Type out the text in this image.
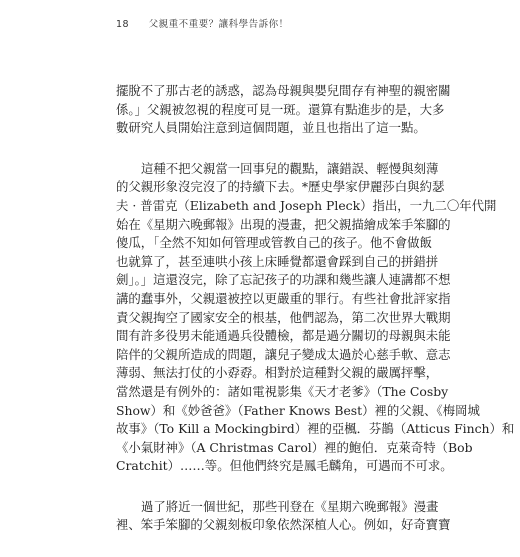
18 父親重不重要？讓科學告訴你！
擺脫不了那古老的誘惑，認為母親與嬰兒間存有神聖的親密關
係。」父親被忽視的程度可見一斑。還算有點進步的是，大多
數研究人員開始注意到這個問題，並且也指出了這一點。
這種不把父親當一回事兒的觀點，讓錯誤、輕慢與刻薄
的父親形象沒完沒了的持續下去。*歷史學家伊麗莎白與約瑟
夫 · 普雷克（Elizabeth and Joseph Pleck）指出，一九二〇年代開
始在《星期六晚郵報》出現的漫畫，把父親描繪成笨手笨腳的
傻瓜，「全然不知如何管理或管教自己的孩子。他不會做飯
也就算了，甚至連哄小孩上床睡覺都還會踩到自己的拼錯拼
劍」。」這還沒完，除了忘記孩子的功課和幾些讓人連講都不想
講的蠢事外，父親還被控以更嚴重的罪行。有些社會批評家指
責父親掏空了國家安全的根基，他們認為，第二次世界大戰期
間有許多役男未能通過兵役體檢，都是過分關切的母親與未能
陪伴的父親所造成的問題，讓兒子變成太過於心慈手軟、意志
薄弱、無法打仗的小孬孬。相對於這種對父親的嚴厲抨擊，
當然還是有例外的：諸如電視影集《天才老爹》（The Cosby
Show）和《妙爸爸》（Father Knows Best）裡的父親、《梅岡城
故事》（To Kill a Mockingbird）裡的亞楓．芬鵲（Atticus Finch）和
《小氣財神》（A Christmas Carol）裡的鮑伯．克萊奇特（Bob
Cratchit）……等。但他們終究是鳳毛麟角，可遇而不可求。
過了將近一個世紀，那些刊登在《星期六晚郵報》漫畫
裡、笨手笨腳的父親刻板印象依然深植人心。例如，好奇寶寶
